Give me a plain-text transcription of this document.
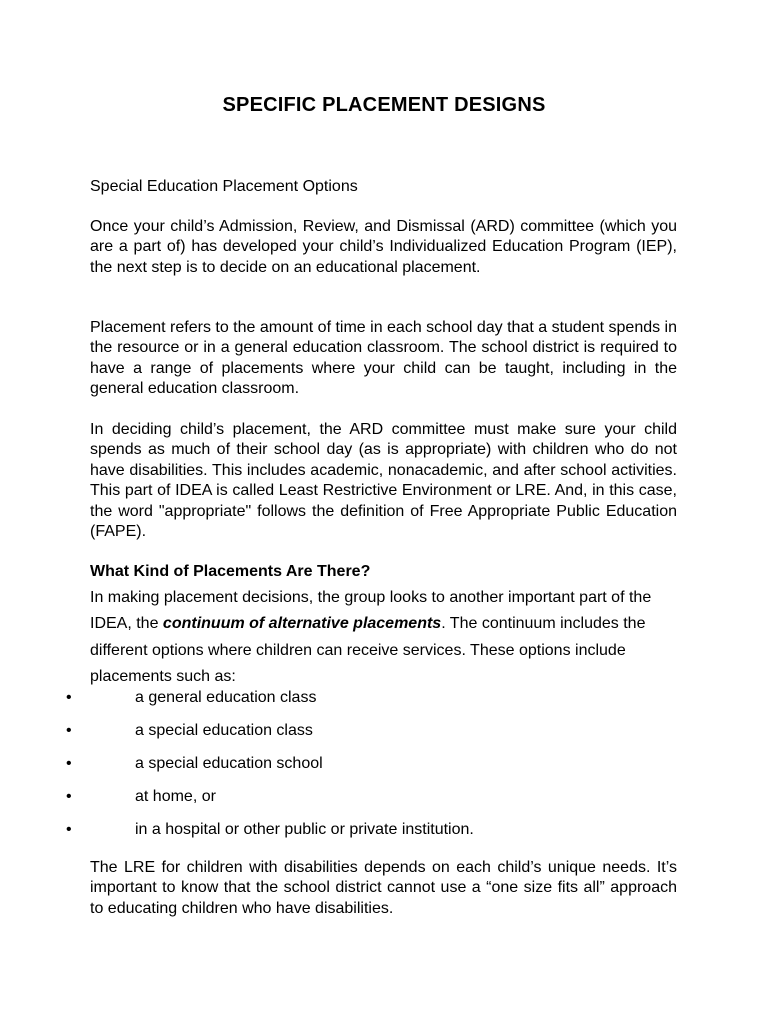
SPECIFIC PLACEMENT DESIGNS
Special Education Placement Options
Once your child’s Admission, Review, and Dismissal (ARD) committee (which you are a part of) has developed your child’s Individualized Education Program (IEP), the next step is to decide on an educational placement.
Placement refers to the amount of time in each school day that a student spends in the resource or in a general education classroom. The school district is required to have a range of placements where your child can be taught, including in the general education classroom.
In deciding child’s placement, the ARD committee must make sure your child spends as much of their school day (as is appropriate) with children who do not have disabilities. This includes academic, nonacademic, and after school activities. This part of IDEA is called Least Restrictive Environment or LRE. And, in this case, the word "appropriate" follows the definition of Free Appropriate Public Education (FAPE).
What Kind of Placements Are There?
In making placement decisions, the group looks to another important part of the IDEA, the continuum of alternative placements. The continuum includes the different options where children can receive services. These options include placements such as:
•	a general education class
•	a special education class
•	a special education school
•	at home, or
•	in a hospital or other public or private institution.
The LRE for children with disabilities depends on each child’s unique needs. It’s important to know that the school district cannot use a “one size fits all” approach to educating children who have disabilities.
